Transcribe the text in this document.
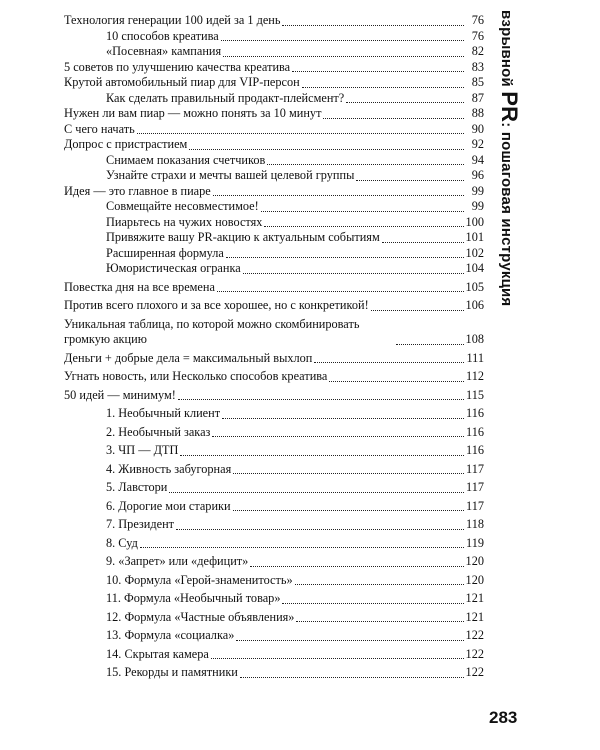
Технология генерации 100 идей за 1 день	76
10 способов креатива	76
«Посевная» кампания	82
5 советов по улучшению качества креатива	83
Крутой автомобильный пиар для VIP-персон	85
Как сделать правильный продакт-плейсмент?	87
Нужен ли вам пиар — можно понять за 10 минут	88
С чего начать	90
Допрос с пристрастием	92
Снимаем показания счетчиков	94
Узнайте страхи и мечты вашей целевой группы	96
Идея — это главное в пиаре	99
Совмещайте несовместимое!	99
Пиарьтесь на чужих новостях	100
Привяжите вашу PR-акцию к актуальным событиям	101
Расширенная формула	102
Юмористическая огранка	104
Повестка дня на все времена	105
Против всего плохого и за все хорошее, но с конкретикой!	106
Уникальная таблица, по которой можно скомбинировать громкую акцию	108
Деньги + добрые дела = максимальный выхлоп	111
Угнать новость, или Несколько способов креатива	112
50 идей — минимум!	115
1. Необычный клиент	116
2. Необычный заказ	116
3. ЧП — ДТП	116
4. Живность забугорная	117
5. Лавстори	117
6. Дорогие мои старики	117
7. Президент	118
8. Суд	119
9. «Запрет» или «дефицит»	120
10. Формула «Герой-знаменитость»	120
11. Формула «Необычный товар»	121
12. Формула «Частные объявления»	121
13. Формула «социалка»	122
14. Скрытая камера	122
15. Рекорды и памятники	122
взрывной PR: пошаговая инструкция
283
